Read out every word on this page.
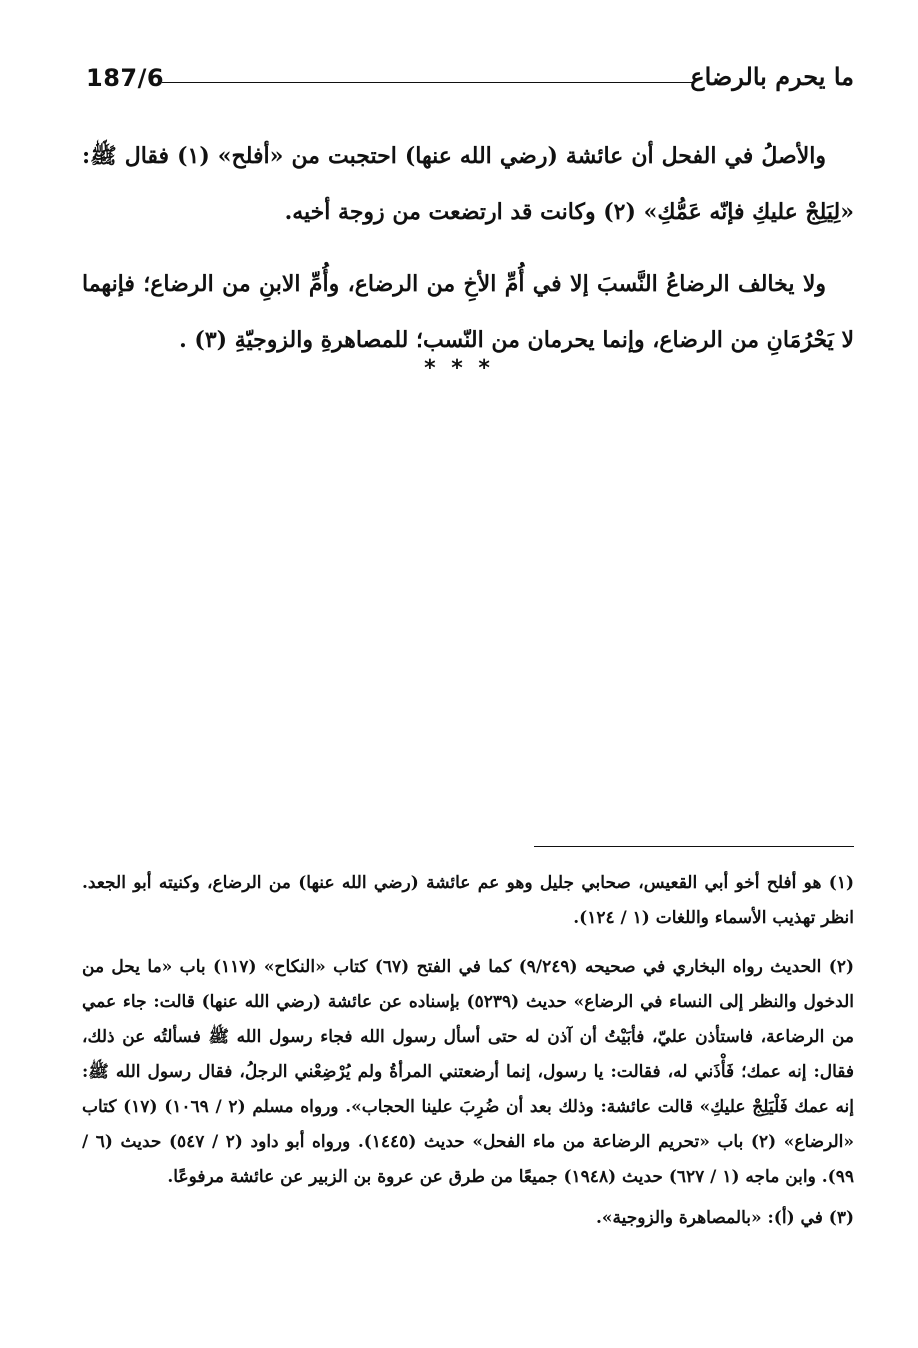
187/6	ما يحرم بالرضاع

والأصلُ في الفحل أن عائشة (رضي الله عنها) احتجبت من «أفلح» (١) فقال ﷺ: «لِيَلِجْ عليكِ فإنّه عَمُّكِ» (٢) وكانت قد ارتضعت من زوجة أخيه.

ولا يخالف الرضاعُ النَّسبَ إلا في أُمِّ الأخِ من الرضاع، وأُمِّ الابنِ من الرضاع؛ فإنهما لا يَحْرُمَانِ من الرضاع، وإنما يحرمان من النّسب؛ للمصاهرةِ والزوجيّةِ (٣) .

* * *

(١) هو أفلح أخو أبي القعيس، صحابي جليل وهو عم عائشة (رضي الله عنها) من الرضاع، وكنيته أبو الجعد. انظر تهذيب الأسماء واللغات (١ / ١٢٤).

(٢) الحديث رواه البخاري في صحيحه (٩/٢٤٩) كما في الفتح (٦٧) كتاب «النكاح» (١١٧) باب «ما يحل من الدخول والنظر إلى النساء في الرضاع» حديث (٥٢٣٩) بإسناده عن عائشة (رضي الله عنها) قالت: جاء عمي من الرضاعة، فاستأذن عليّ، فأبَيْتُ أن آذن له حتى أسأل رسول الله فجاء رسول الله ﷺ فسألتُه عن ذلك، فقال: إنه عمك؛ فَأْذَني له، فقالت: يا رسول، إنما أرضعتني المرأةُ ولم يُرْضِعْني الرجلُ، فقال رسول الله ﷺ: إنه عمك فَلْيَلِجْ عليكِ» قالت عائشة: وذلك بعد أن ضُرِبَ علينا الحجاب». ورواه مسلم (٢ / ١٠٦٩) (١٧) كتاب «الرضاع» (٢) باب «تحريم الرضاعة من ماء الفحل» حديث (١٤٤٥). ورواه أبو داود (٢ / ٥٤٧) حديث (٦ / ٩٩). وابن ماجه (١ / ٦٢٧) حديث (١٩٤٨) جميعًا من طرق عن عروة بن الزبير عن عائشة مرفوعًا.

(٣) في (أ): «بالمصاهرة والزوجية».
